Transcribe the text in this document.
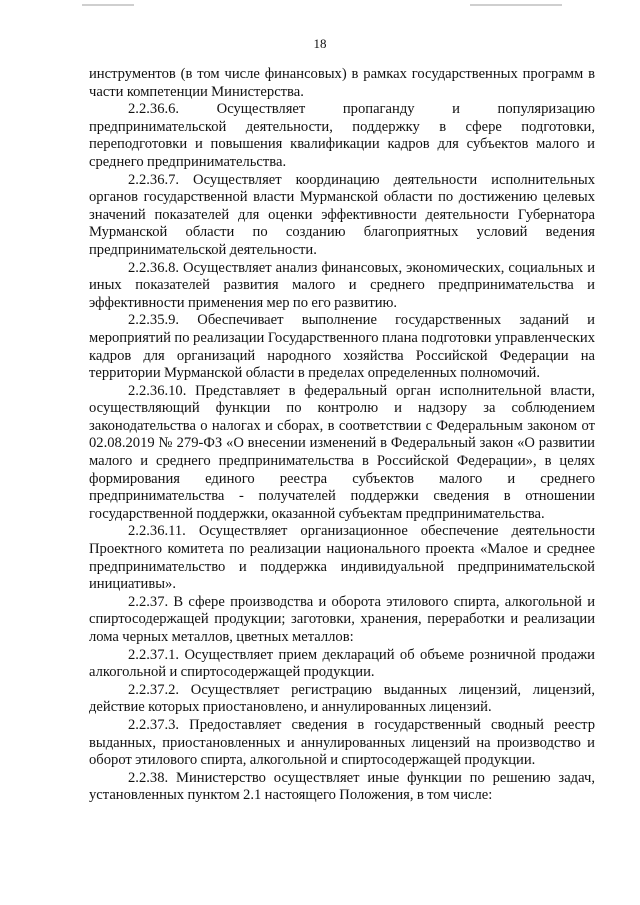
18

инструментов (в том числе финансовых) в рамках государственных программ в части компетенции Министерства.

2.2.36.6. Осуществляет пропаганду и популяризацию предпринимательской деятельности, поддержку в сфере подготовки, переподготовки и повышения квалификации кадров для субъектов малого и среднего предпринимательства.

2.2.36.7. Осуществляет координацию деятельности исполнительных органов государственной власти Мурманской области по достижению целевых значений показателей для оценки эффективности деятельности Губернатора Мурманской области по созданию благоприятных условий ведения предпринимательской деятельности.

2.2.36.8. Осуществляет анализ финансовых, экономических, социальных и иных показателей развития малого и среднего предпринимательства и эффективности применения мер по его развитию.

2.2.35.9. Обеспечивает выполнение государственных заданий и мероприятий по реализации Государственного плана подготовки управленческих кадров для организаций народного хозяйства Российской Федерации на территории Мурманской области в пределах определенных полномочий.

2.2.36.10. Представляет в федеральный орган исполнительной власти, осуществляющий функции по контролю и надзору за соблюдением законодательства о налогах и сборах, в соответствии с Федеральным законом от 02.08.2019 № 279-ФЗ «О внесении изменений в Федеральный закон «О развитии малого и среднего предпринимательства в Российской Федерации», в целях формирования единого реестра субъектов малого и среднего предпринимательства - получателей поддержки сведения в отношении государственной поддержки, оказанной субъектам предпринимательства.

2.2.36.11. Осуществляет организационное обеспечение деятельности Проектного комитета по реализации национального проекта «Малое и среднее предпринимательство и поддержка индивидуальной предпринимательской инициативы».

2.2.37. В сфере производства и оборота этилового спирта, алкогольной и спиртосодержащей продукции; заготовки, хранения, переработки и реализации лома черных металлов, цветных металлов:

2.2.37.1. Осуществляет прием деклараций об объеме розничной продажи алкогольной и спиртосодержащей продукции.

2.2.37.2. Осуществляет регистрацию выданных лицензий, лицензий, действие которых приостановлено, и аннулированных лицензий.

2.2.37.3. Предоставляет сведения в государственный сводный реестр выданных, приостановленных и аннулированных лицензий на производство и оборот этилового спирта, алкогольной и спиртосодержащей продукции.

2.2.38. Министерство осуществляет иные функции по решению задач, установленных пунктом 2.1 настоящего Положения, в том числе:
